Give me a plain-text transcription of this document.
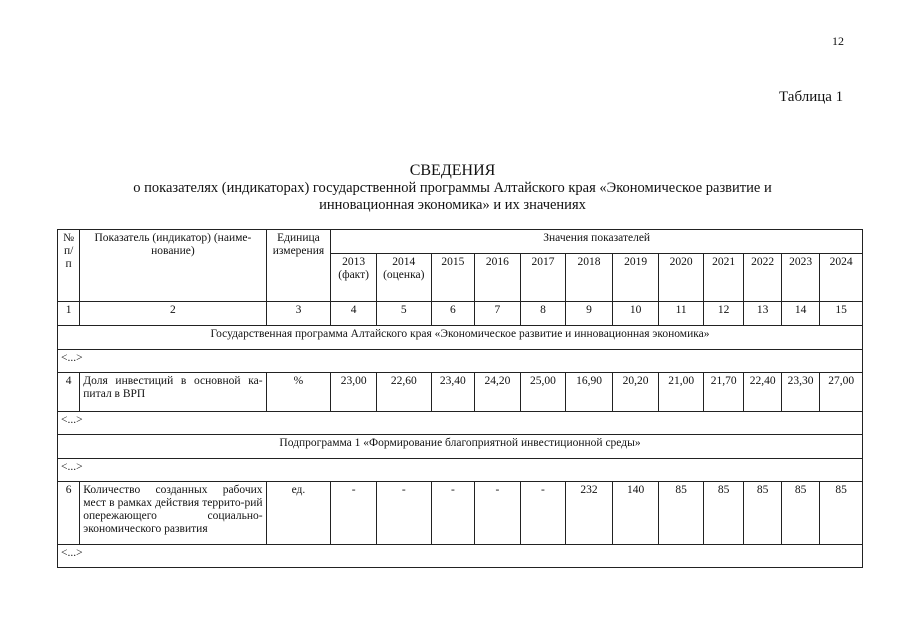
12
Таблица 1
СВЕДЕНИЯ
о показателях (индикаторах) государственной программы Алтайского края «Экономическое развитие и инновационная экономика» и их значениях
№ п/п	Показатель (индикатор) (наиме-нование)	Единица измерения	Значения показателей											
			2013 (факт)	2014 (оценка)	2015	2016	2017	2018	2019	2020	2021	2022	2023	2024
1	2	3	4	5	6	7	8	9	10	11	12	13	14	15
Государственная программа Алтайского края «Экономическое развитие и инновационная экономика»														
<...>														
4	Доля инвестиций в основной ка-питал в ВРП	%	23,00	22,60	23,40	24,20	25,00	16,90	20,20	21,00	21,70	22,40	23,30	27,00
<...>														
Подпрограмма 1 «Формирование благоприятной инвестиционной среды»														
<...>														
6	Количество созданных рабочих мест в рамках действия террито-рий опережающего социально-экономического развития	ед.	-	-	-	-	-	232	140	85	85	85	85	85
<...>														
